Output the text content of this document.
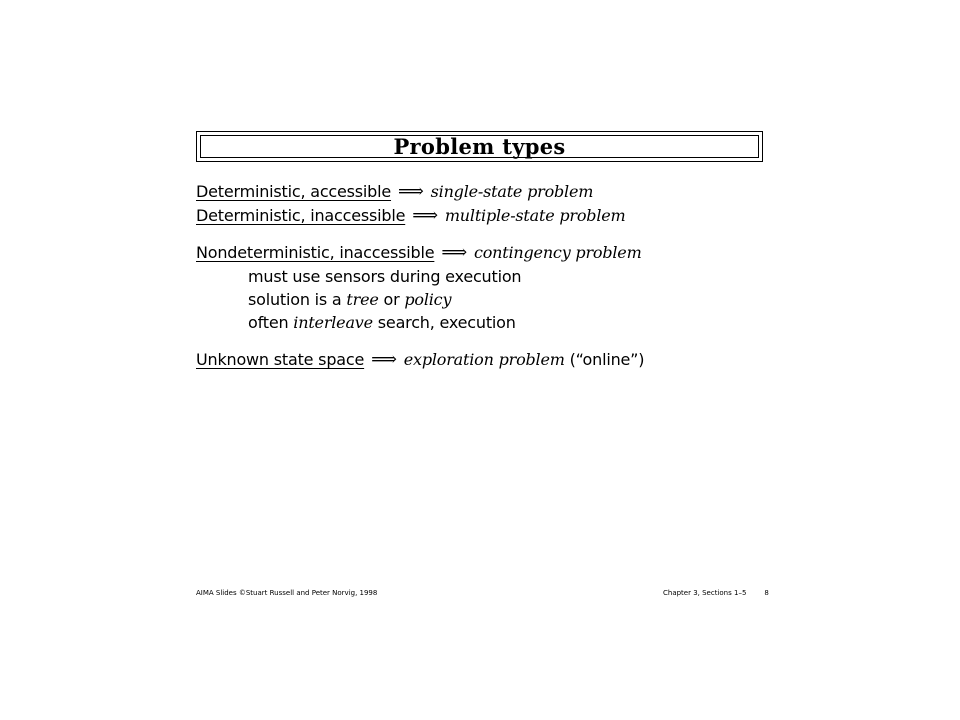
Problem types
Deterministic, accessible ⟹ single-state problem
Deterministic, inaccessible ⟹ multiple-state problem
Nondeterministic, inaccessible ⟹ contingency problem
must use sensors during execution
solution is a tree or policy
often interleave search, execution
Unknown state space ⟹ exploration problem (“online”)
AIMA Slides ©Stuart Russell and Peter Norvig, 1998	Chapter 3, Sections 1–5	8
